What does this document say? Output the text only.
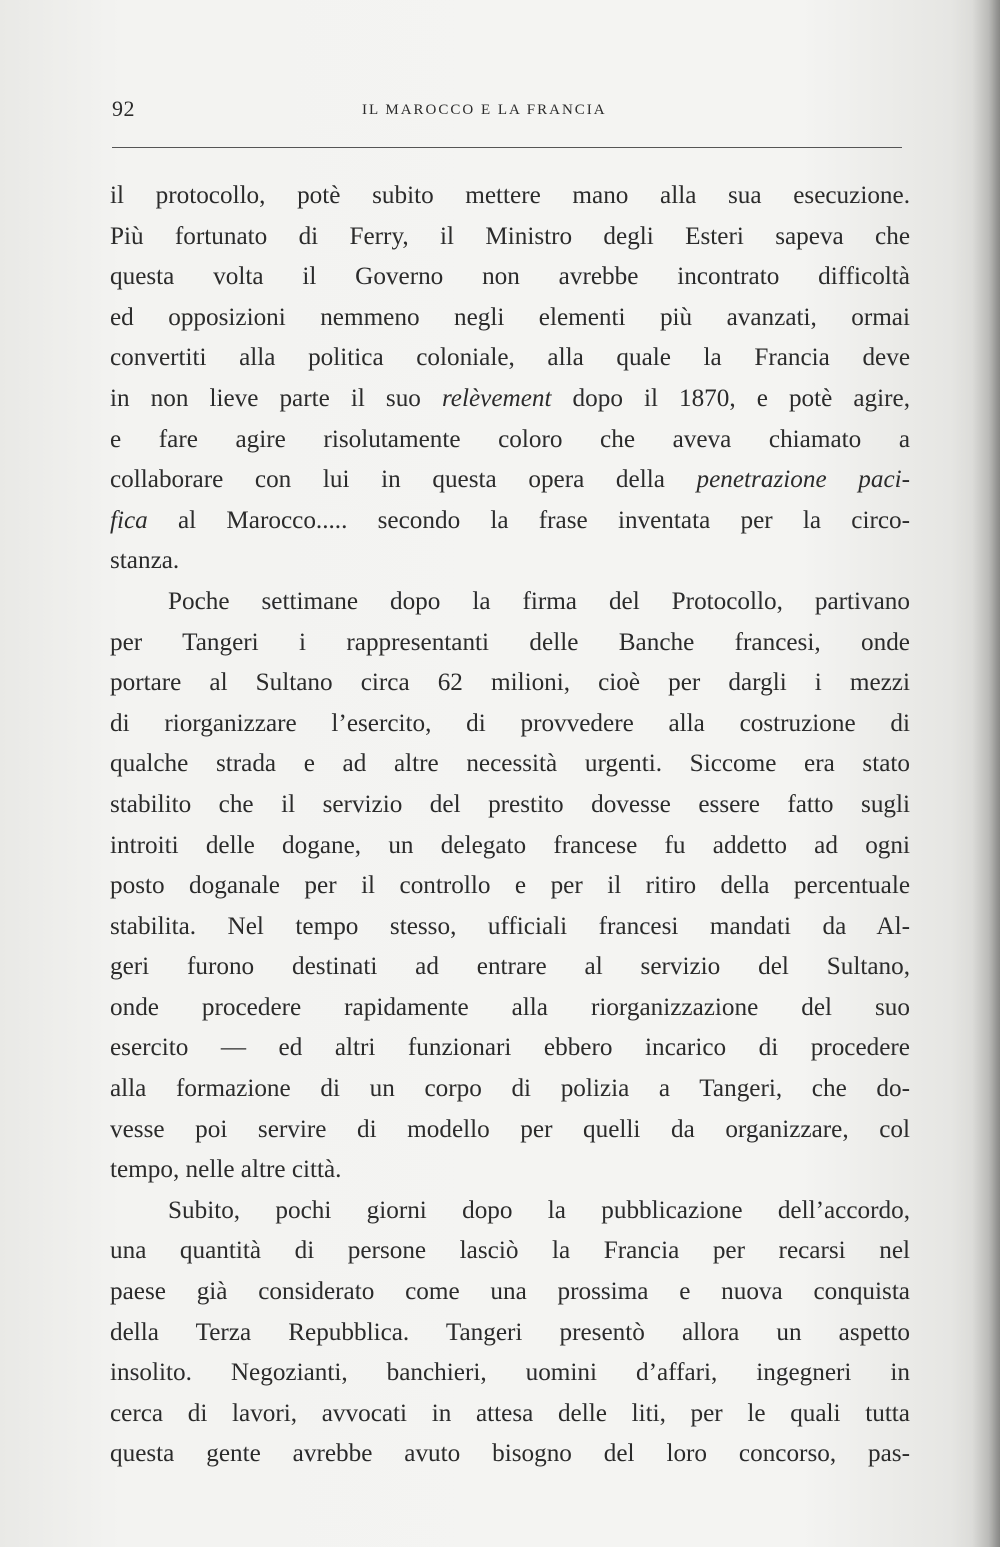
92	IL MAROCCO E LA FRANCIA
il protocollo, potè subito mettere mano alla sua esecuzione.
Più fortunato di Ferry, il Ministro degli Esteri sapeva che
questa volta il Governo non avrebbe incontrato difficoltà
ed opposizioni nemmeno negli elementi più avanzati, ormai
convertiti alla politica coloniale, alla quale la Francia deve
in non lieve parte il suo relèvement dopo il 1870, e potè agire,
e fare agire risolutamente coloro che aveva chiamato a
collaborare con lui in questa opera della penetrazione paci-
fica al Marocco..... secondo la frase inventata per la circo-
stanza.
Poche settimane dopo la firma del Protocollo, partivano
per Tangeri i rappresentanti delle Banche francesi, onde
portare al Sultano circa 62 milioni, cioè per dargli i mezzi
di riorganizzare l’esercito, di provvedere alla costruzione di
qualche strada e ad altre necessità urgenti. Siccome era stato
stabilito che il servizio del prestito dovesse essere fatto sugli
introiti delle dogane, un delegato francese fu addetto ad ogni
posto doganale per il controllo e per il ritiro della percentuale
stabilita. Nel tempo stesso, ufficiali francesi mandati da Al-
geri furono destinati ad entrare al servizio del Sultano,
onde procedere rapidamente alla riorganizzazione del suo
esercito — ed altri funzionari ebbero incarico di procedere
alla formazione di un corpo di polizia a Tangeri, che do-
vesse poi servire di modello per quelli da organizzare, col
tempo, nelle altre città.
Subito, pochi giorni dopo la pubblicazione dell’accordo,
una quantità di persone lasciò la Francia per recarsi nel
paese già considerato come una prossima e nuova conquista
della Terza Repubblica. Tangeri presentò allora un aspetto
insolito. Negozianti, banchieri, uomini d’affari, ingegneri in
cerca di lavori, avvocati in attesa delle liti, per le quali tutta
questa gente avrebbe avuto bisogno del loro concorso, pas-
